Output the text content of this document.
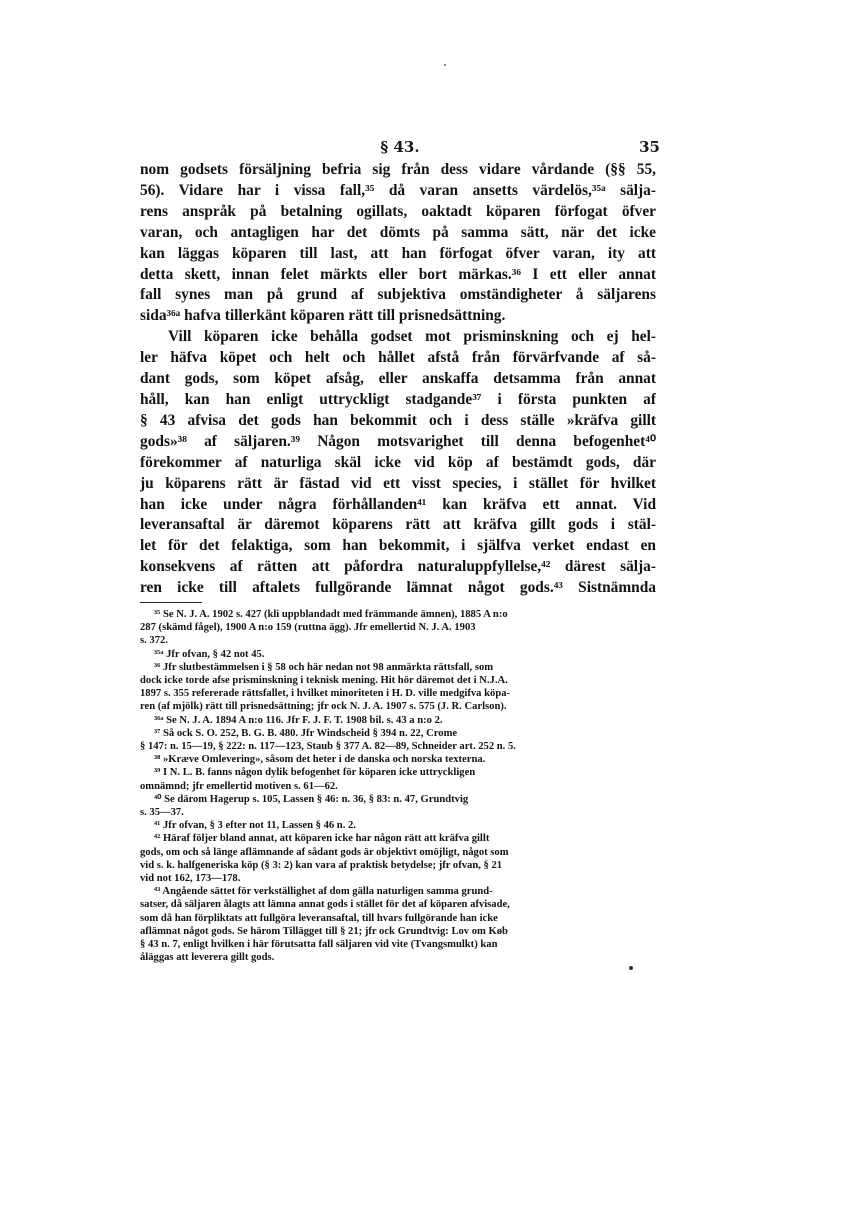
§ 43.	35
nom godsets försäljning befria sig från dess vidare vårdande (§§ 55,
56). Vidare har i vissa fall,³⁵ då varan ansetts värdelös,³⁵ᵃ sälja-
rens anspråk på betalning ogillats, oaktadt köparen förfogat öfver
varan, och antagligen har det dömts på samma sätt, när det icke
kan läggas köparen till last, att han förfogat öfver varan, ity att
detta skett, innan felet märkts eller bort märkas.³⁶ I ett eller annat
fall synes man på grund af subjektiva omständigheter å säljarens
sida³⁶ᵃ hafva tillerkänt köparen rätt till prisnedsättning.
Vill köparen icke behålla godset mot prisminskning och ej hel-
ler häfva köpet och helt och hållet afstå från förvärfvande af så-
dant gods, som köpet afsåg, eller anskaffa detsamma från annat
håll, kan han enligt uttryckligt stadgande³⁷ i första punkten af
§ 43 afvisa det gods han bekommit och i dess ställe »kräfva gillt
gods»³⁸ af säljaren.³⁹ Någon motsvarighet till denna befogenhet⁴⁰
förekommer af naturliga skäl icke vid köp af bestämdt gods, där
ju köparens rätt är fästad vid ett visst species, i stället för hvilket
han icke under några förhållanden⁴¹ kan kräfva ett annat. Vid
leveransaftal är däremot köparens rätt att kräfva gillt gods i stäl-
let för det felaktiga, som han bekommit, i själfva verket endast en
konsekvens af rätten att påfordra naturaluppfyllelse,⁴² därest sälja-
ren icke till aftalets fullgörande lämnat något gods.⁴³ Sistnämnda
³⁵ Se N. J. A. 1902 s. 427 (kli uppblandadt med främmande ämnen), 1885 A n:o
287 (skämd fågel), 1900 A n:o 159 (ruttna ägg). Jfr emellertid N. J. A. 1903
s. 372.
³⁵ᵃ Jfr ofvan, § 42 not 45.
³⁶ Jfr slutbestämmelsen i § 58 och här nedan not 98 anmärkta rättsfall, som
dock icke torde afse prisminskning i teknisk mening. Hit hör däremot det i N.J.A.
1897 s. 355 refererade rättsfallet, i hvilket minoriteten i H. D. ville medgifva köpa-
ren (af mjölk) rätt till prisnedsättning; jfr ock N. J. A. 1907 s. 575 (J. R. Carlson).
³⁶ᵃ Se N. J. A. 1894 A n:o 116. Jfr F. J. F. T. 1908 bil. s. 43 a n:o 2.
³⁷ Så ock S. O. 252, B. G. B. 480. Jfr Windscheid § 394 n. 22, Crome
§ 147: n. 15—19, § 222: n. 117—123, Staub § 377 A. 82—89, Schneider art. 252 n. 5.
³⁸ »Kræve Omlevering», såsom det heter i de danska och norska texterna.
³⁹ I N. L. B. fanns någon dylik befogenhet för köparen icke uttryckligen
omnämnd; jfr emellertid motiven s. 61—62.
⁴⁰ Se därom Hagerup s. 105, Lassen § 46: n. 36, § 83: n. 47, Grundtvig
s. 35—37.
⁴¹ Jfr ofvan, § 3 efter not 11, Lassen § 46 n. 2.
⁴² Häraf följer bland annat, att köparen icke har någon rätt att kräfva gillt
gods, om och så länge aflämnande af sådant gods är objektivt omöjligt, något som
vid s. k. halfgeneriska köp (§ 3: 2) kan vara af praktisk betydelse; jfr ofvan, § 21
vid not 162, 173—178.
⁴³ Angående sättet för verkställighet af dom gälla naturligen samma grund-
satser, då säljaren ålagts att lämna annat gods i stället för det af köparen afvisade,
som då han förpliktats att fullgöra leveransaftal, till hvars fullgörande han icke
aflämnat något gods. Se härom Tillägget till § 21; jfr ock Grundtvig: Lov om Køb
§ 43 n. 7, enligt hvilken i här förutsatta fall säljaren vid vite (Tvangsmulkt) kan
åläggas att leverera gillt gods.
